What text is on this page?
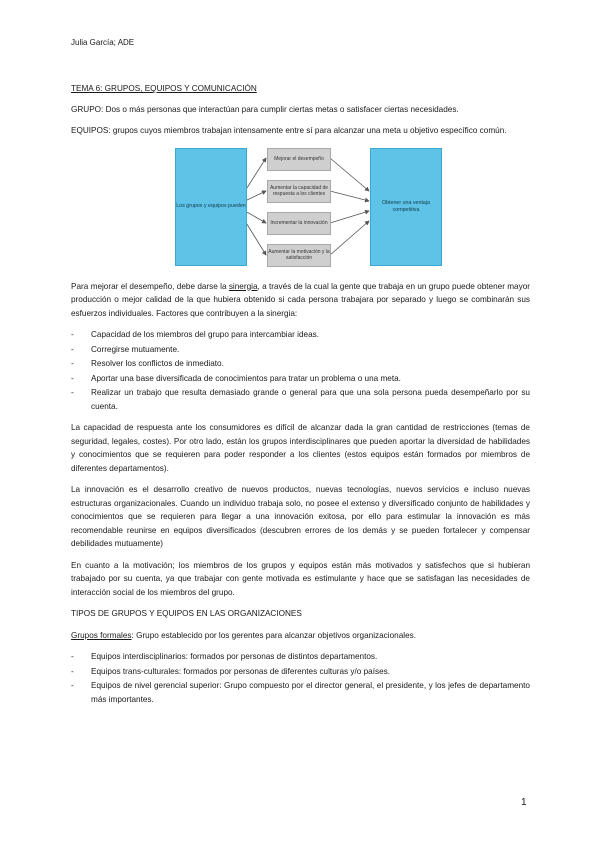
Julia García; ADE
TEMA 6: GRUPOS, EQUIPOS Y COMUNICACIÓN

GRUPO: Dos o más personas que interactúan para cumplir ciertas metas o satisfacer ciertas necesidades.

EQUIPOS: grupos cuyos miembros trabajan intensamente entre sí para alcanzar una meta u objetivo específico común.

Los grupos y equipos pueden
Mejorar el desempeño
Aumentar la capacidad de respuesta a los clientes
Incrementar la innovación
Aumentar la motivación y la satisfacción
Obtener una ventaja competitiva

Para mejorar el desempeño, debe darse la sinergia, a través de la cual la gente que trabaja en un grupo puede obtener mayor producción o mejor calidad de la que hubiera obtenido si cada persona trabajara por separado y luego se combinarán sus esfuerzos individuales. Factores que contribuyen a la sinergia:

- Capacidad de los miembros del grupo para intercambiar ideas.
- Corregirse mutuamente.
- Resolver los conflictos de inmediato.
- Aportar una base diversificada de conocimientos para tratar un problema o una meta.
- Realizar un trabajo que resulta demasiado grande o general para que una sola persona pueda desempeñarlo por su cuenta.

La capacidad de respuesta ante los consumidores es difícil de alcanzar dada la gran cantidad de restricciones (temas de seguridad, legales, costes). Por otro lado, están los grupos interdisciplinares que pueden aportar la diversidad de habilidades y conocimientos que se requieren para poder responder a los clientes (estos equipos están formados por miembros de diferentes departamentos).

La innovación es el desarrollo creativo de nuevos productos, nuevas tecnologías, nuevos servicios e incluso nuevas estructuras organizacionales. Cuando un individuo trabaja solo, no posee el extenso y diversificado conjunto de habilidades y conocimientos que se requieren para llegar a una innovación exitosa, por ello para estimular la innovación es más recomendable reunirse en equipos diversificados (descubren errores de los demás y se pueden fortalecer y compensar debilidades mutuamente)

En cuanto a la motivación; los miembros de los grupos y equipos están más motivados y satisfechos que si hubieran trabajado por su cuenta, ya que trabajar con gente motivada es estimulante y hace que se satisfagan las necesidades de interacción social de los miembros del grupo.

TIPOS DE GRUPOS Y EQUIPOS EN LAS ORGANIZACIONES

Grupos formales: Grupo establecido por los gerentes para alcanzar objetivos organizacionales.

- Equipos interdisciplinarios: formados por personas de distintos departamentos.
- Equipos trans-culturales: formados por personas de diferentes culturas y/o países.
- Equipos de nivel gerencial superior: Grupo compuesto por el director general, el presidente, y los jefes de departamento más importantes.
1
